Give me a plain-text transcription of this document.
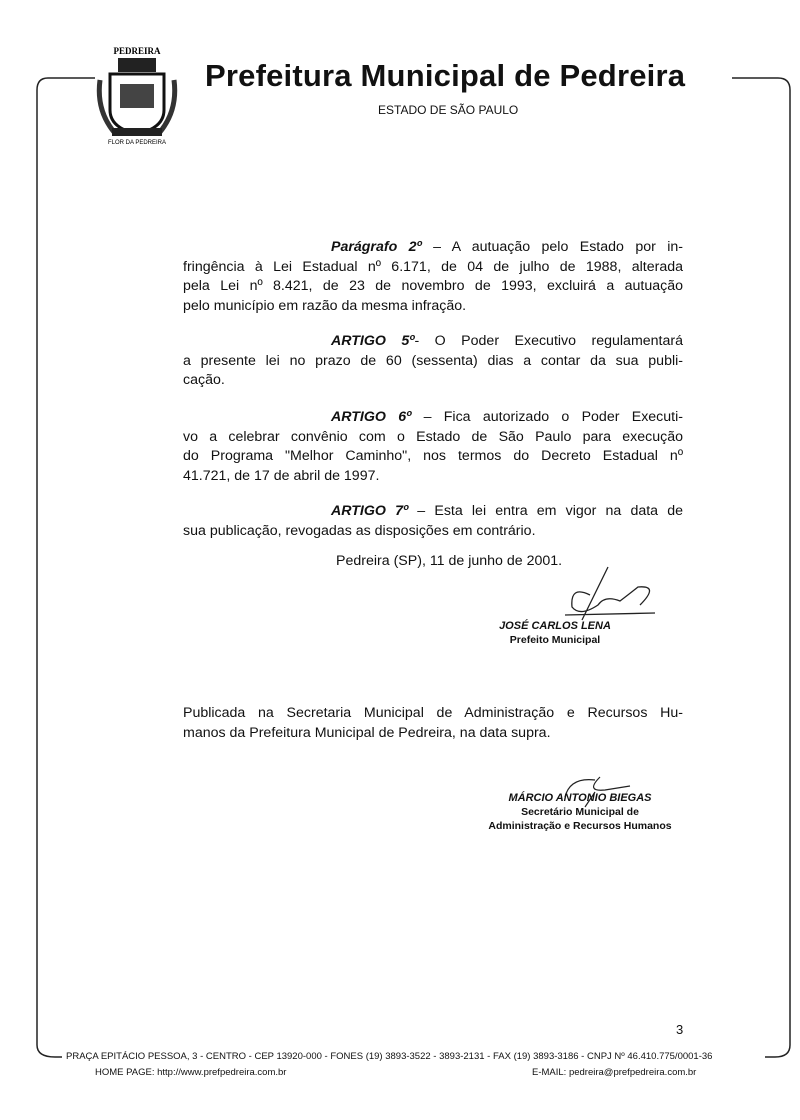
PEDREIRA
FLOR DA PEDREIRA
Prefeitura Municipal de Pedreira
ESTADO DE SÃO PAULO
Parágrafo 2º – A autuação pelo Estado por in-
fringência à Lei Estadual nº 6.171, de 04 de julho de 1988, alterada
pela Lei nº 8.421, de 23 de novembro de 1993, excluirá a autuação
pelo município em razão da mesma infração.
ARTIGO 5º- O Poder Executivo regulamentará
a presente lei no prazo de 60 (sessenta) dias a contar da sua publi-
cação.
ARTIGO 6º – Fica autorizado o Poder Executi-
vo a celebrar convênio com o Estado de São Paulo para execução
do Programa "Melhor Caminho", nos termos do Decreto Estadual nº
41.721, de 17 de abril de 1997.
ARTIGO 7º – Esta lei entra em vigor na data de
sua publicação, revogadas as disposições em contrário.
Pedreira (SP), 11 de junho de 2001.
JOSÉ CARLOS LENA
Prefeito Municipal
Publicada na Secretaria Municipal de Administração e Recursos Hu-
manos da Prefeitura Municipal de Pedreira, na data supra.
MÁRCIO ANTONIO BIEGAS
Secretário Municipal de
Administração e Recursos Humanos
3
PRAÇA EPITÁCIO PESSOA, 3 - CENTRO - CEP 13920-000 - FONES (19) 3893-3522 - 3893-2131 - FAX (19) 3893-3186 - CNPJ Nº 46.410.775/0001-36
HOME PAGE: http://www.prefpedreira.com.br	E-MAIL: pedreira@prefpedreira.com.br
